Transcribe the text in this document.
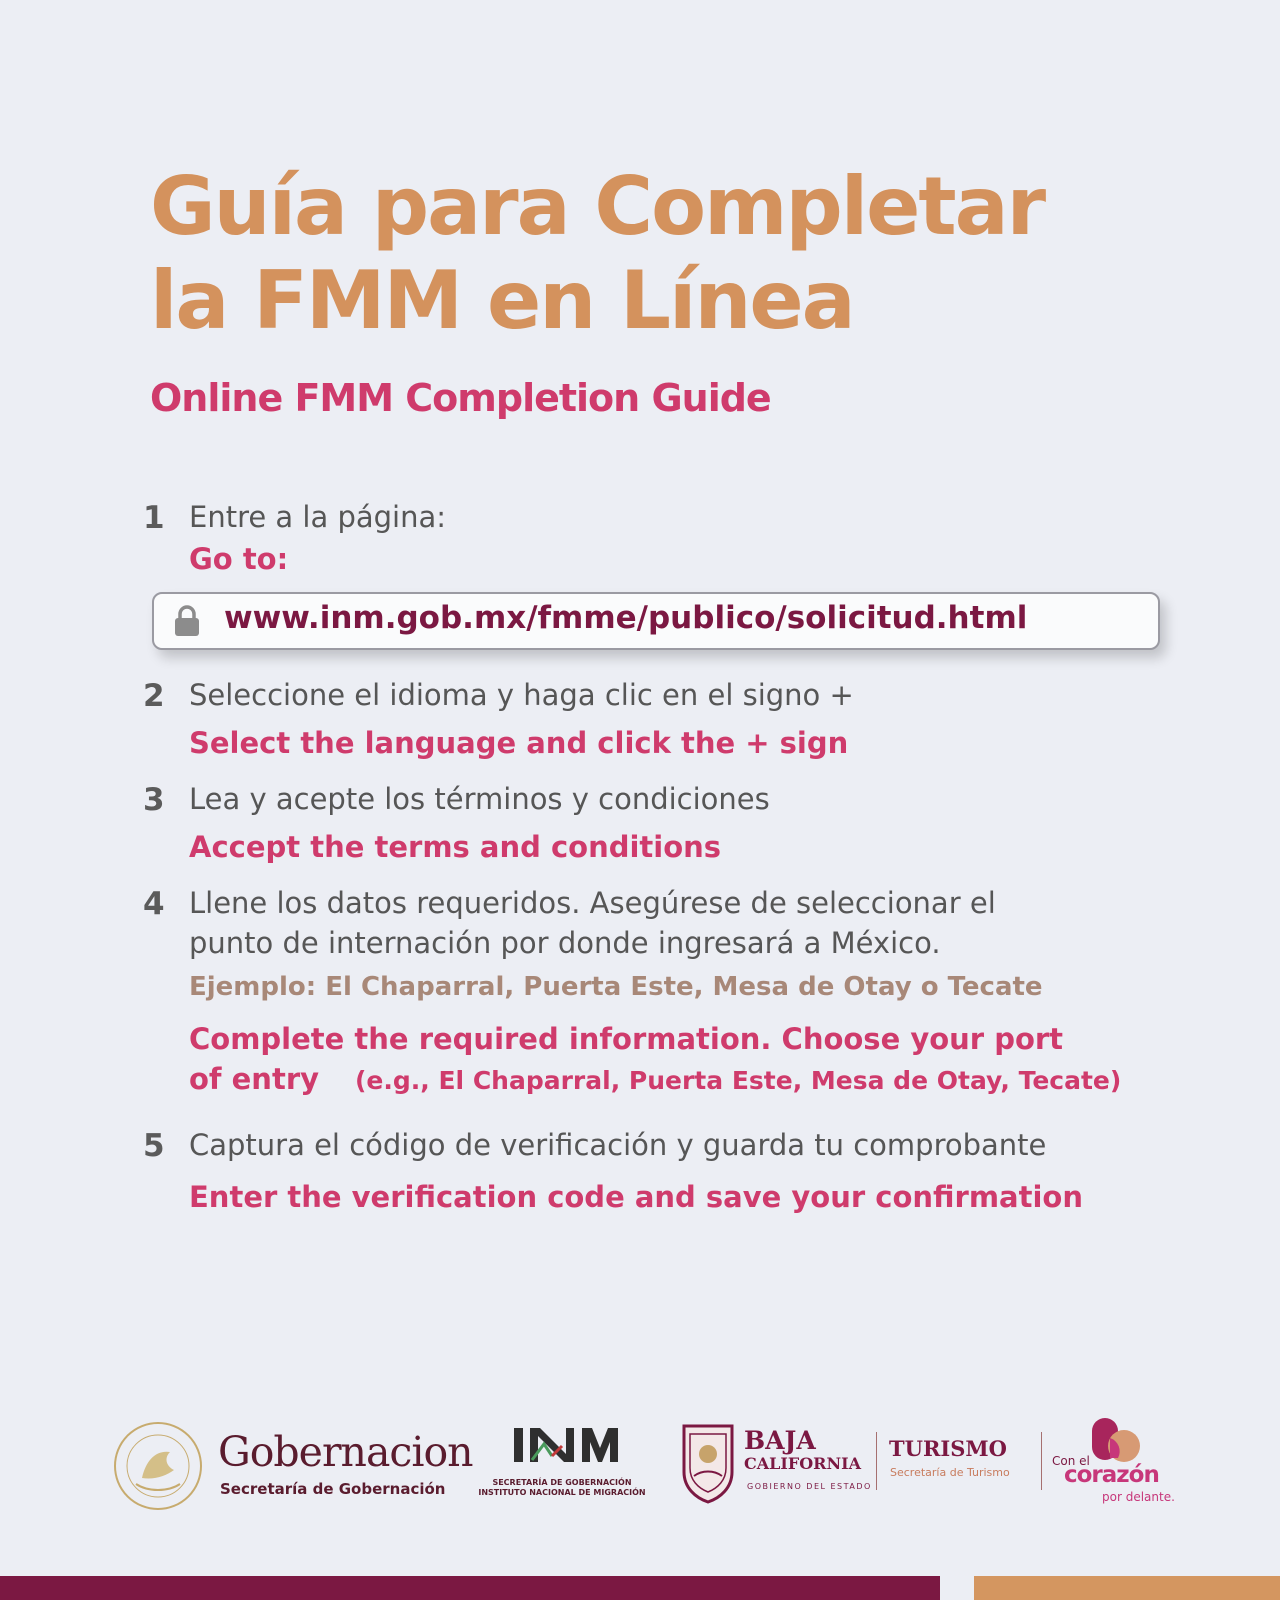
Guía para Completar
la FMM en Línea
Online FMM Completion Guide
1 Entre a la página:
Go to:
www.inm.gob.mx/fmme/publico/solicitud.html
2 Seleccione el idioma y haga clic en el signo +
Select the language and click the + sign
3 Lea y acepte los términos y condiciones
Accept the terms and conditions
4 Llene los datos requeridos. Asegúrese de seleccionar el
punto de internación por donde ingresará a México.
Ejemplo: El Chaparral, Puerta Este, Mesa de Otay o Tecate
Complete the required information. Choose your port
of entry (e.g., El Chaparral, Puerta Este, Mesa de Otay, Tecate)
5 Captura el código de verificación y guarda tu comprobante
Enter the verification code and save your confirmation
Gobernacion
Secretaría de Gobernación	SECRETARÍA DE GOBERNACIÓN
INSTITUTO NACIONAL DE MIGRACIÓN
BAJA
CALIFORNIA
GOBIERNO DEL ESTADO
TURISMO
Secretaría de Turismo
Con el
corazón
por delante.
